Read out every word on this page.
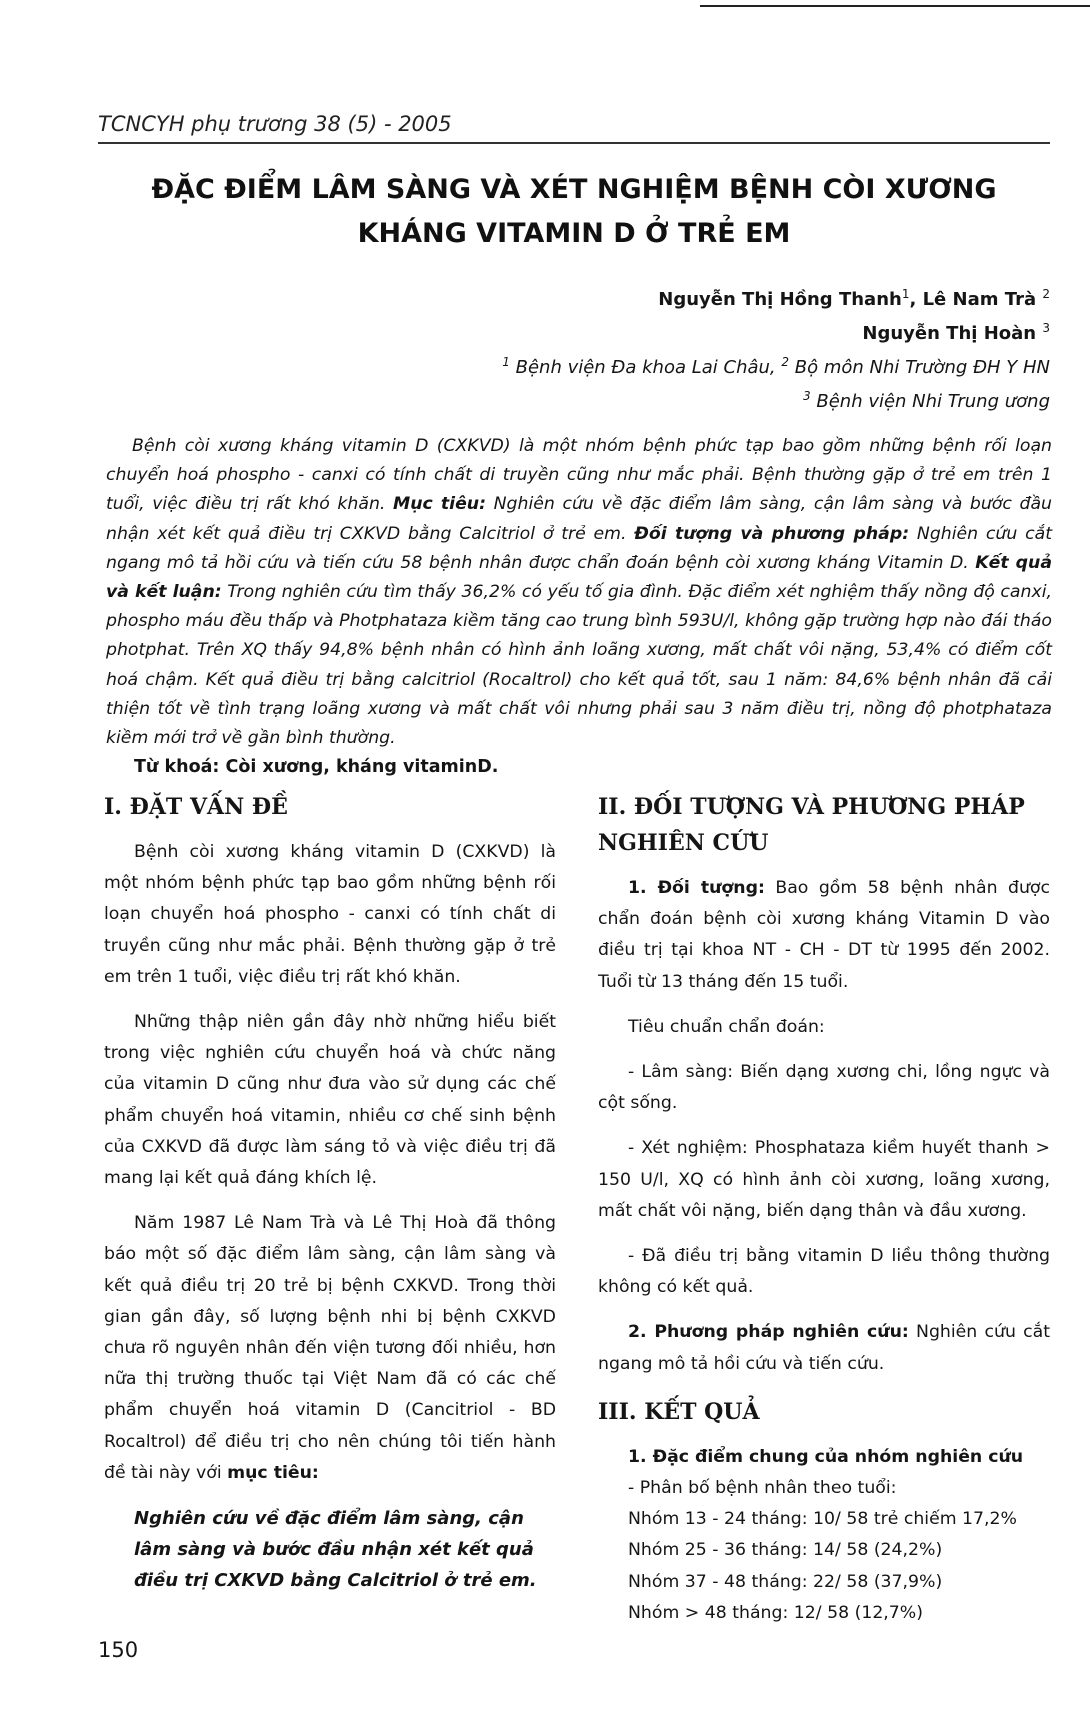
TCNCYH phụ trương 38 (5) - 2005
ĐẶC ĐIỂM LÂM SÀNG VÀ XÉT NGHIỆM BỆNH CÒI XƯƠNG
KHÁNG VITAMIN D Ở TRẺ EM
Nguyễn Thị Hồng Thanh$^1$, Lê Nam Trà $^2$
Nguyễn Thị Hoàn $^3$
$^1$ Bệnh viện Đa khoa Lai Châu, $^2$ Bộ môn Nhi Trường ĐH Y HN
$^3$ Bệnh viện Nhi Trung ương

Bệnh còi xương kháng vitamin D (CXKVD) là một nhóm bệnh phức tạp bao gồm những bệnh rối loạn chuyển hoá phospho - canxi có tính chất di truyền cũng như mắc phải. Bệnh thường gặp ở trẻ em trên 1 tuổi, việc điều trị rất khó khăn. Mục tiêu: Nghiên cứu về đặc điểm lâm sàng, cận lâm sàng và bước đầu nhận xét kết quả điều trị CXKVD bằng Calcitriol ở trẻ em. Đối tượng và phương pháp: Nghiên cứu cắt ngang mô tả hồi cứu và tiến cứu 58 bệnh nhân được chẩn đoán bệnh còi xương kháng Vitamin D. Kết quả và kết luận: Trong nghiên cứu tìm thấy 36,2% có yếu tố gia đình. Đặc điểm xét nghiệm thấy nồng độ canxi, phospho máu đều thấp và Photphataza kiềm tăng cao trung bình 593U/l, không gặp trường hợp nào đái tháo photphat. Trên XQ thấy 94,8% bệnh nhân có hình ảnh loãng xương, mất chất vôi nặng, 53,4% có điểm cốt hoá chậm. Kết quả điều trị bằng calcitriol (Rocaltrol) cho kết quả tốt, sau 1 năm: 84,6% bệnh nhân đã cải thiện tốt về tình trạng loãng xương và mất chất vôi nhưng phải sau 3 năm điều trị, nồng độ photphataza kiềm mới trở về gần bình thường.

Từ khoá: Còi xương, kháng vitaminD.
I. ĐẶT VẤN ĐỀ

Bệnh còi xương kháng vitamin D (CXKVD) là một nhóm bệnh phức tạp bao gồm những bệnh rối loạn chuyển hoá phospho - canxi có tính chất di truyền cũng như mắc phải. Bệnh thường gặp ở trẻ em trên 1 tuổi, việc điều trị rất khó khăn.

Những thập niên gần đây nhờ những hiểu biết trong việc nghiên cứu chuyển hoá và chức năng của vitamin D cũng như đưa vào sử dụng các chế phẩm chuyển hoá vitamin, nhiều cơ chế sinh bệnh của CXKVD đã được làm sáng tỏ và việc điều trị đã mang lại kết quả đáng khích lệ.

Năm 1987 Lê Nam Trà và Lê Thị Hoà đã thông báo một số đặc điểm lâm sàng, cận lâm sàng và kết quả điều trị 20 trẻ bị bệnh CXKVD. Trong thời gian gần đây, số lượng bệnh nhi bị bệnh CXKVD chưa rõ nguyên nhân đến viện tương đối nhiều, hơn nữa thị trường thuốc tại Việt Nam đã có các chế phẩm chuyển hoá vitamin D (Cancitriol - BD Rocaltrol) để điều trị cho nên chúng tôi tiến hành đề tài này với mục tiêu:

Nghiên cứu về đặc điểm lâm sàng, cận lâm sàng và bước đầu nhận xét kết quả điều trị CXKVD bằng Calcitriol ở trẻ em.

II. ĐỐI TƯỢNG VÀ PHƯƠNG PHÁP NGHIÊN CỨU

1. Đối tượng: Bao gồm 58 bệnh nhân được chẩn đoán bệnh còi xương kháng Vitamin D vào điều trị tại khoa NT - CH - DT từ 1995 đến 2002. Tuổi từ 13 tháng đến 15 tuổi.

Tiêu chuẩn chẩn đoán:

- Lâm sàng: Biến dạng xương chi, lồng ngực và cột sống.

- Xét nghiệm: Phosphataza kiềm huyết thanh > 150 U/l, XQ có hình ảnh còi xương, loãng xương, mất chất vôi nặng, biến dạng thân và đầu xương.

- Đã điều trị bằng vitamin D liều thông thường không có kết quả.

2. Phương pháp nghiên cứu: Nghiên cứu cắt ngang mô tả hồi cứu và tiến cứu.

III. KẾT QUẢ

1. Đặc điểm chung của nhóm nghiên cứu

- Phân bố bệnh nhân theo tuổi:

Nhóm 13 - 24 tháng: 10/ 58 trẻ chiếm 17,2%

Nhóm 25 - 36 tháng: 14/ 58 (24,2%)

Nhóm 37 - 48 tháng: 22/ 58 (37,9%)

Nhóm > 48 tháng: 12/ 58 (12,7%)

150
